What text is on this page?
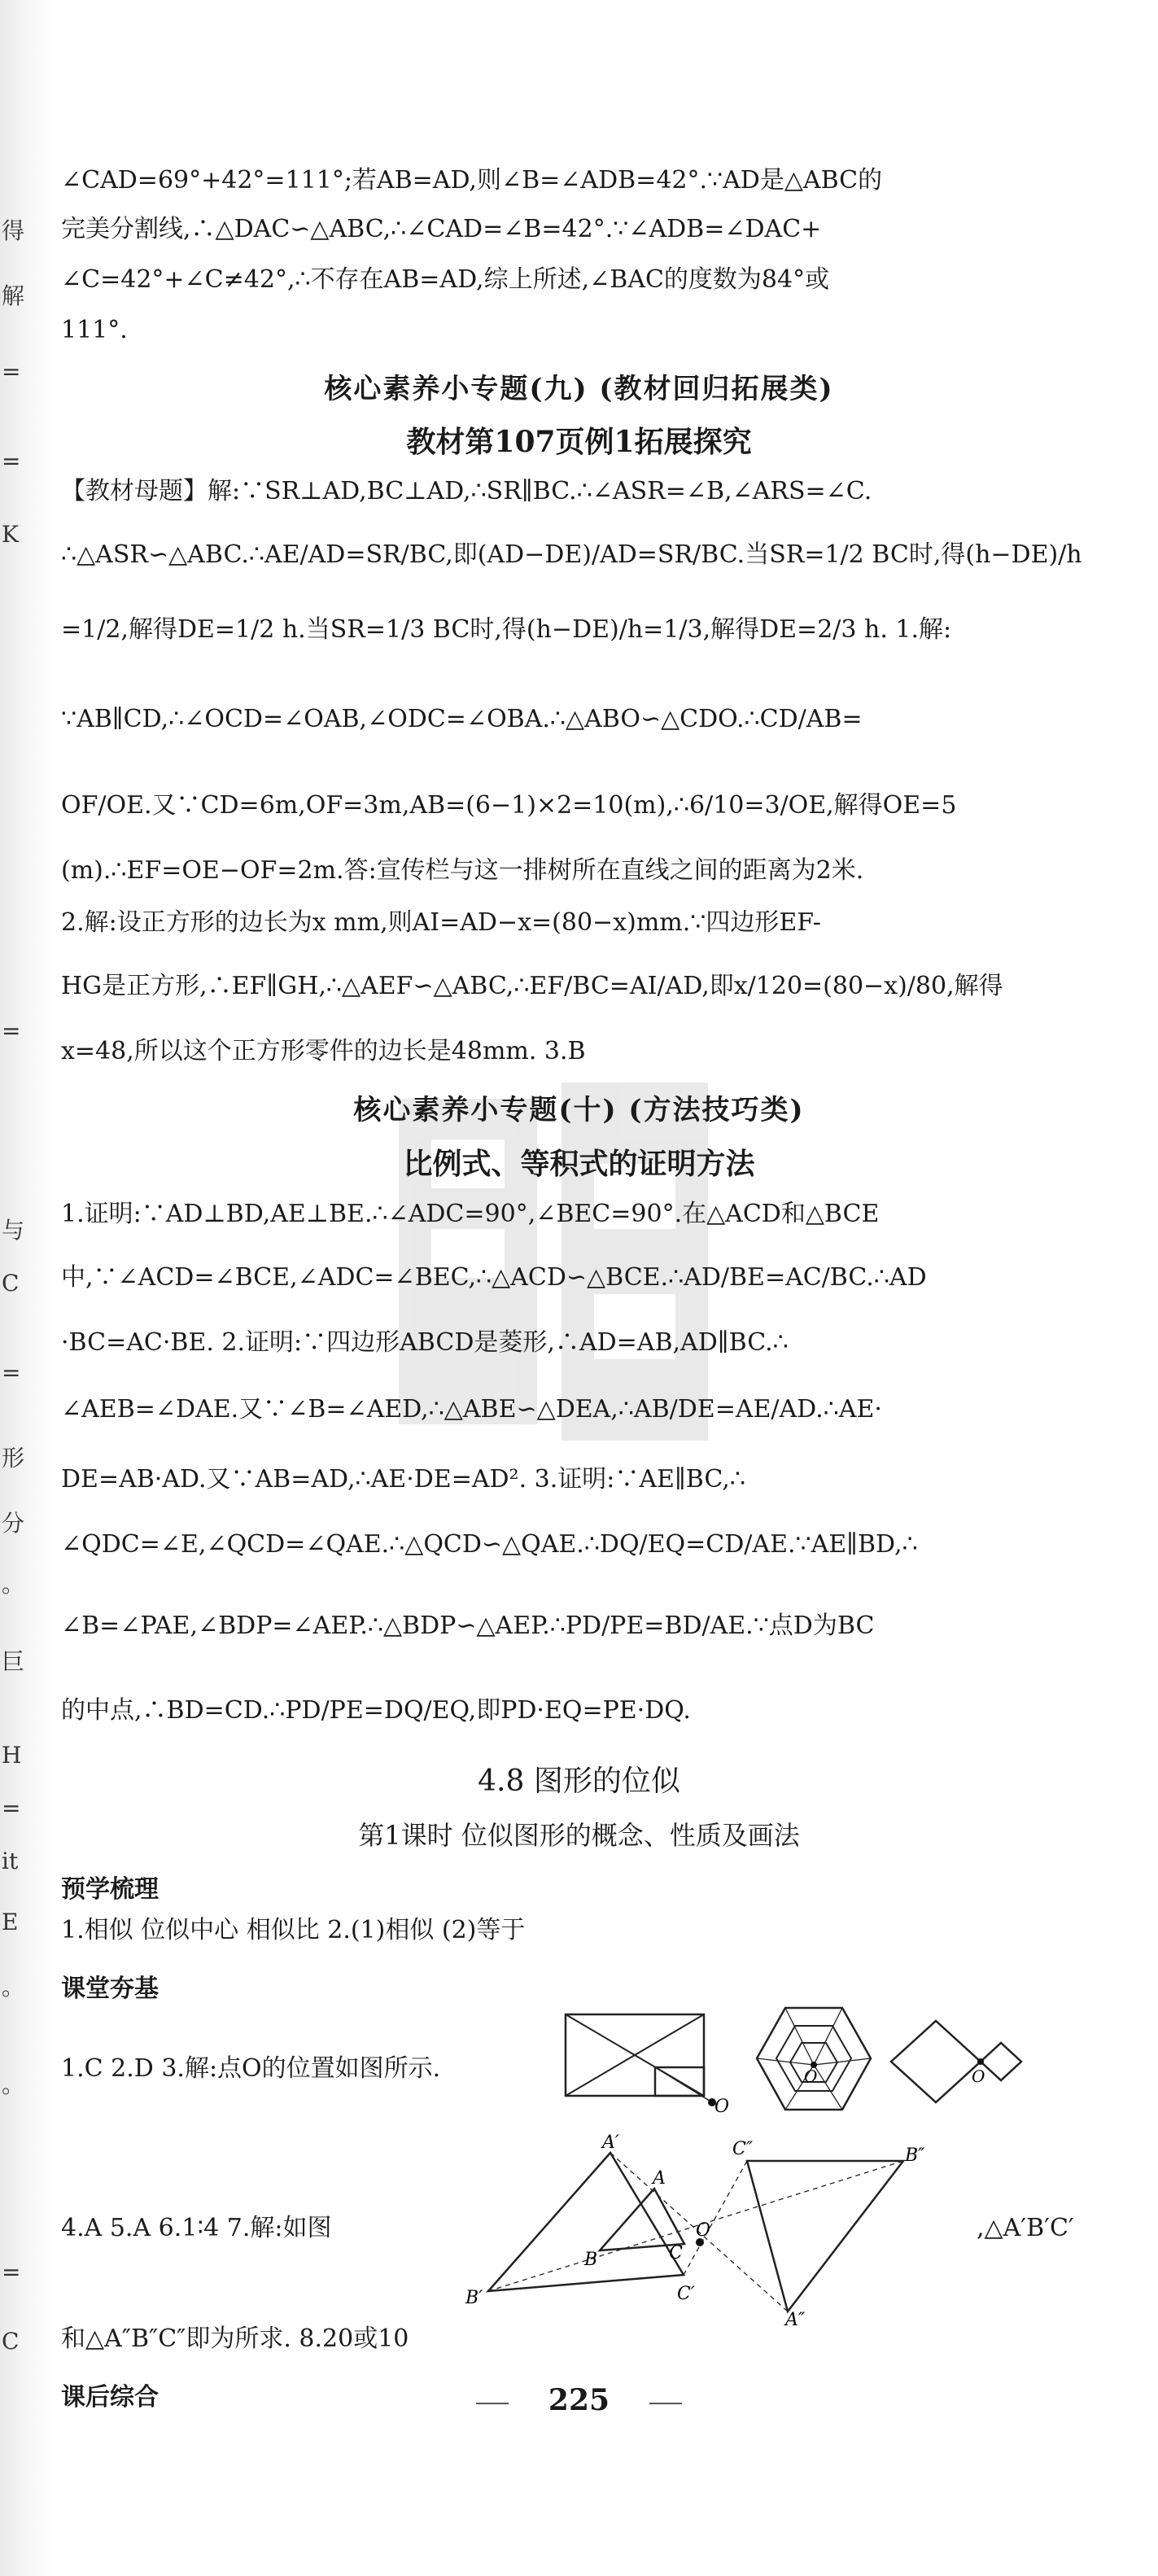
得
解
=
=
K
=
与
C
=
形
分
。
巨
H
=
it
E
。
。
=
C
∠CAD=69°+42°=111°;若AB=AD,则∠B=∠ADB=42°.∵AD是△ABC的
完美分割线,∴△DAC∽△ABC,∴∠CAD=∠B=42°.∵∠ADB=∠DAC+
∠C=42°+∠C≠42°,∴不存在AB=AD,综上所述,∠BAC的度数为84°或
111°.
核心素养小专题(九) (教材回归拓展类)
教材第107页例1拓展探究
【教材母题】解:∵SR⊥AD,BC⊥AD,∴SR∥BC.∴∠ASR=∠B,∠ARS=∠C.
∴△ASR∽△ABC.∴AE/AD=SR/BC,即(AD−DE)/AD=SR/BC.当SR=1/2 BC时,得(h−DE)/h
=1/2,解得DE=1/2 h.当SR=1/3 BC时,得(h−DE)/h=1/3,解得DE=2/3 h. 1.解:
∵AB∥CD,∴∠OCD=∠OAB,∠ODC=∠OBA.∴△ABO∽△CDO.∴CD/AB=
OF/OE.又∵CD=6m,OF=3m,AB=(6−1)×2=10(m),∴6/10=3/OE,解得OE=5
(m).∴EF=OE−OF=2m.答:宣传栏与这一排树所在直线之间的距离为2米.
2.解:设正方形的边长为x mm,则AI=AD−x=(80−x)mm.∵四边形EF-
HG是正方形,∴EF∥GH,∴△AEF∽△ABC,∴EF/BC=AI/AD,即x/120=(80−x)/80,解得
x=48,所以这个正方形零件的边长是48mm. 3.B
核心素养小专题(十) (方法技巧类)
比例式、等积式的证明方法
1.证明:∵AD⊥BD,AE⊥BE.∴∠ADC=90°,∠BEC=90°.在△ACD和△BCE
中,∵∠ACD=∠BCE,∠ADC=∠BEC,∴△ACD∽△BCE.∴AD/BE=AC/BC.∴AD
·BC=AC·BE. 2.证明:∵四边形ABCD是菱形,∴AD=AB,AD∥BC.∴
∠AEB=∠DAE.又∵∠B=∠AED,∴△ABE∽△DEA,∴AB/DE=AE/AD.∴AE·
DE=AB·AD.又∵AB=AD,∴AE·DE=AD². 3.证明:∵AE∥BC,∴
∠QDC=∠E,∠QCD=∠QAE.∴△QCD∽△QAE.∴DQ/EQ=CD/AE.∵AE∥BD,∴
∠B=∠PAE,∠BDP=∠AEP.∴△BDP∽△AEP.∴PD/PE=BD/AE.∵点D为BC
的中点,∴BD=CD.∴PD/PE=DQ/EQ,即PD·EQ=PE·DQ.
4.8 图形的位似
第1课时 位似图形的概念、性质及画法
预学梳理
1.相似 位似中心 相似比 2.(1)相似 (2)等于
课堂夯基
1.C 2.D 3.解:点O的位置如图所示.
O
O	O
O
A′
A
C″	B″
B′
B	C
C′
A″
4.A 5.A 6.1∶4 7.解:如图	,△A′B′C′
和△A″B″C″即为所求. 8.20或10
课后综合	225
